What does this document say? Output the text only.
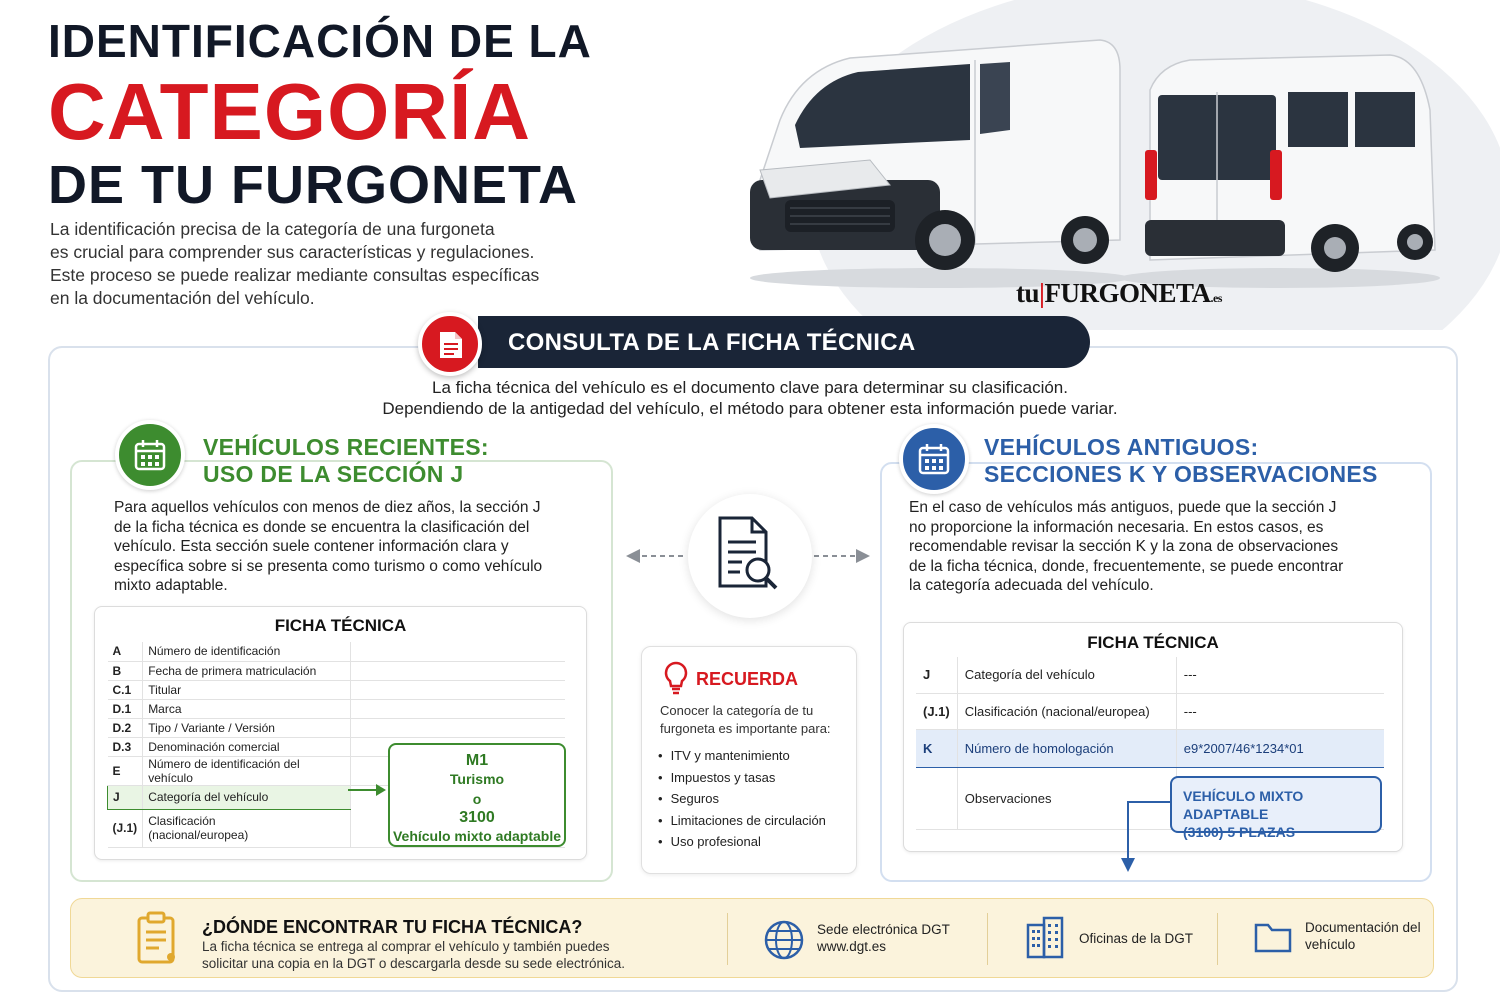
IDENTIFICACIÓN DE LA
CATEGORÍA
DE TU FURGONETA
La identificación precisa de la categoría de una furgoneta
es crucial para comprender sus características y regulaciones.
Este proceso se puede realizar mediante consultas específicas
en la documentación del vehículo.	tu|FURGONETA.es
CONSULTA DE LA FICHA TÉCNICA
La ficha técnica del vehículo es el documento clave para determinar su clasificación.
Dependiendo de la antigedad del vehículo, el método para obtener esta información puede variar.
VEHÍCULOS RECIENTES:
USO DE LA SECCIÓN J
Para aquellos vehículos con menos de diez años, la sección J
de la ficha técnica es donde se encuentra la clasificación del
vehículo. Esta sección suele contener información clara y
específica sobre si se presenta como turismo o como vehículo
mixto adaptable.
FICHA TÉCNICA
A	Número de identificación	
B	Fecha de primera matriculación	
C.1	Titular	
D.1	Marca	
D.2	Tipo / Variante / Versión	
D.3	Denominación comercial	
E	Número de identificación del vehículo	
J	Categoría del vehículo	
(J.1)	Clasificación
(nacional/europea)	

M1
Turismo
o
3100
Vehículo mixto adaptable
RECUERDA
Conocer la categoría de tu furgoneta es importante para:
• ITV y mantenimiento
• Impuestos y tasas
• Seguros
• Limitaciones de circulación
• Uso profesional
VEHÍCULOS ANTIGUOS:
SECCIONES K Y OBSERVACIONES
En el caso de vehículos más antiguos, puede que la sección J
no proporcione la información necesaria. En estos casos, es
recomendable revisar la sección K y la zona de observaciones
de la ficha técnica, donde, frecuentemente, se puede encontrar
la categoría adecuada del vehículo.
FICHA TÉCNICA
J	Categoría del vehículo	---
(J.1)	Clasificación (nacional/europea)	---
K	Número de homologación	e9*2007/46*1234*01
	Observaciones		VEHÍCULO MIXTO ADAPTABLE
(3100) 5 PLAZAS
¿DÓNDE ENCONTRAR TU FICHA TÉCNICA?
La ficha técnica se entrega al comprar el vehículo y también puedes
solicitar una copia en la DGT o descargarla desde su sede electrónica.
Sede electrónica DGT
www.dgt.es
Oficinas de la DGT
Documentación del
vehículo
